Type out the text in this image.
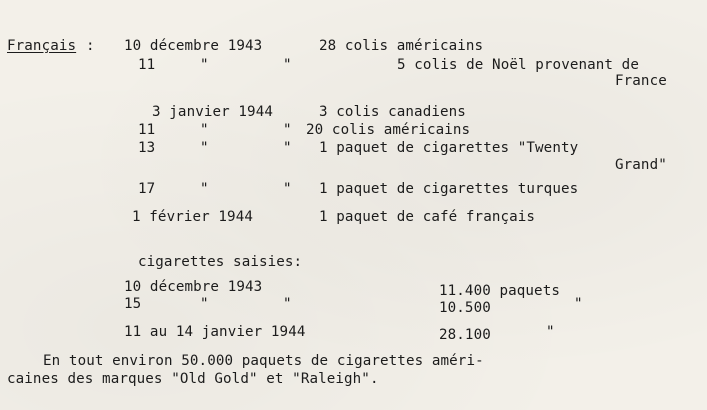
Français : 10 décembre 1943	28 colis américains
11	"	"	5 colis de Noël provenant de
France
3 janvier 1944	3 colis canadiens
11	"	" 20 colis américains
13	"	" 1 paquet de cigarettes "Twenty
Grand"
17	"	" 1 paquet de cigarettes turques
1 février 1944	1 paquet de café français
cigarettes saisies:
10 décembre 1943	11.400 paquets
15	"	"	10.500	"
11 au 14 janvier 1944	28.100	"
En tout environ 50.000 paquets de cigarettes améri-
caines des marques "Old Gold" et "Raleigh".
